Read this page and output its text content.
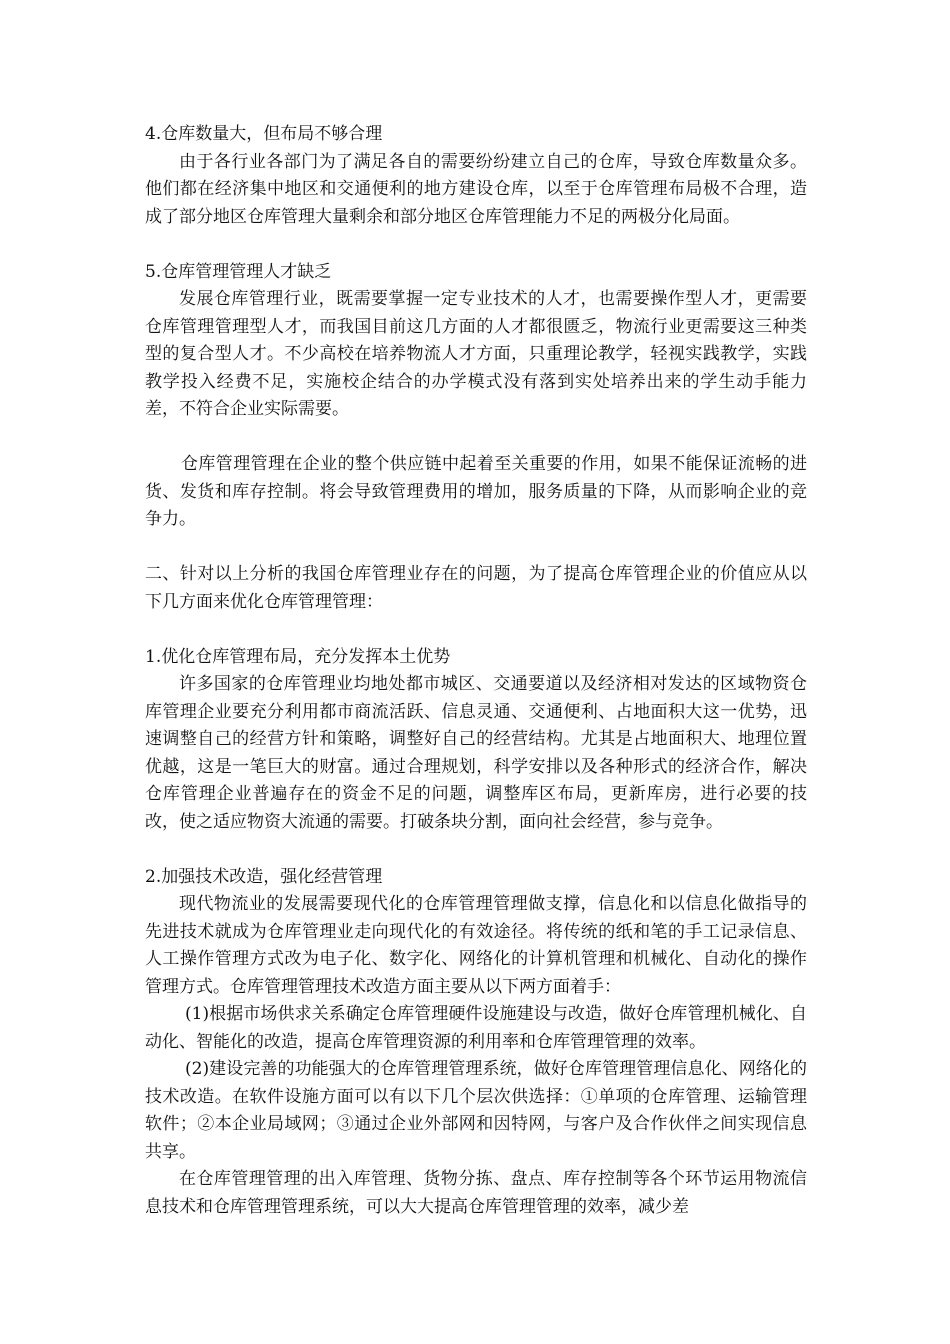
4.仓库数量大，但布局不够合理

由于各行业各部门为了满足各自的需要纷纷建立自己的仓库，导致仓库数量众多。他们都在经济集中地区和交通便利的地方建设仓库，以至于仓库管理布局极不合理，造成了部分地区仓库管理大量剩余和部分地区仓库管理能力不足的两极分化局面。

5.仓库管理管理人才缺乏

发展仓库管理行业，既需要掌握一定专业技术的人才，也需要操作型人才，更需要仓库管理管理型人才，而我国目前这几方面的人才都很匮乏，物流行业更需要这三种类型的复合型人才。不少高校在培养物流人才方面，只重理论教学，轻视实践教学，实践教学投入经费不足，实施校企结合的办学模式没有落到实处培养出来的学生动手能力差，不符合企业实际需要。

仓库管理管理在企业的整个供应链中起着至关重要的作用，如果不能保证流畅的进货、发货和库存控制。将会导致管理费用的增加，服务质量的下降，从而影响企业的竞争力。

二、针对以上分析的我国仓库管理业存在的问题，为了提高仓库管理企业的价值应从以下几方面来优化仓库管理管理：

1.优化仓库管理布局，充分发挥本土优势

许多国家的仓库管理业均地处都市城区、交通要道以及经济相对发达的区域物资仓库管理企业要充分利用都市商流活跃、信息灵通、交通便利、占地面积大这一优势，迅速调整自己的经营方针和策略，调整好自己的经营结构。尤其是占地面积大、地理位置优越，这是一笔巨大的财富。通过合理规划，科学安排以及各种形式的经济合作，解决仓库管理企业普遍存在的资金不足的问题，调整库区布局，更新库房，进行必要的技改，使之适应物资大流通的需要。打破条块分割，面向社会经营，参与竞争。

2.加强技术改造，强化经营管理

现代物流业的发展需要现代化的仓库管理管理做支撑，信息化和以信息化做指导的先进技术就成为仓库管理业走向现代化的有效途径。将传统的纸和笔的手工记录信息、人工操作管理方式改为电子化、数字化、网络化的计算机管理和机械化、自动化的操作管理方式。仓库管理管理技术改造方面主要从以下两方面着手：

(1)根据市场供求关系确定仓库管理硬件设施建设与改造，做好仓库管理机械化、自动化、智能化的改造，提高仓库管理资源的利用率和仓库管理管理的效率。

(2)建设完善的功能强大的仓库管理管理系统，做好仓库管理管理信息化、网络化的技术改造。在软件设施方面可以有以下几个层次供选择：①单项的仓库管理、运输管理软件；②本企业局域网；③通过企业外部网和因特网，与客户及合作伙伴之间实现信息共享。

在仓库管理管理的出入库管理、货物分拣、盘点、库存控制等各个环节运用物流信息技术和仓库管理管理系统，可以大大提高仓库管理管理的效率，减少差
